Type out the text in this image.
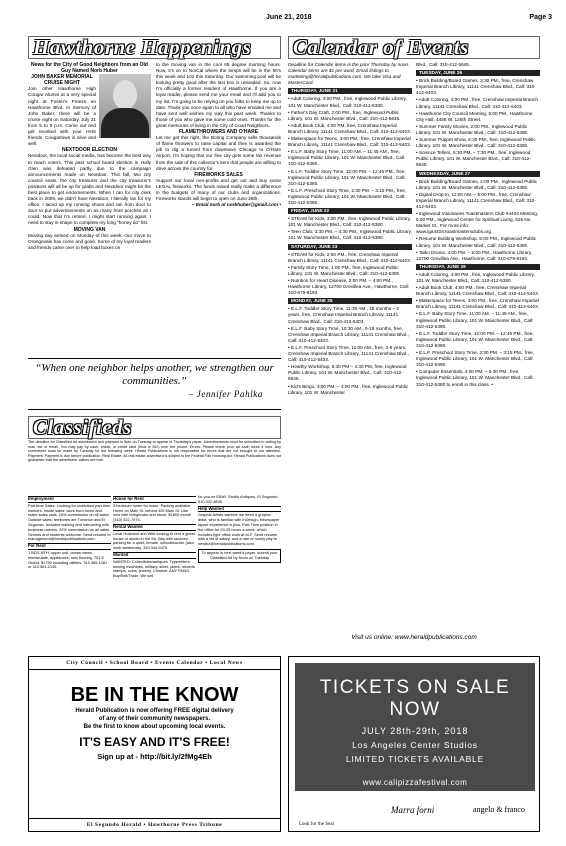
June 21, 2018	Page 3
Hawthorne Happenings	Calendar of Events
News for the City of Good Neighbors from an Old Guy Named Norb Huber
JOHN BAKER MEMORIAL CRUISE NIGHT
Join other Hawthorne High Cougar Alumni at a very special night at Foster's Freeze on Hawthorne Blvd. In memory of John Baker, there will be a cruise night on Saturday, July 21 from 5 to 9 p.m. Come out and get reunited with your HHS friends. Cougartown is alive and well.
NEXTDOOR ELECTION
Nextdoor, the local social media, has become the best way to reach voters. This past school board election in Holly Glen was defeated partly due to the campaign announcements made on Nextdoor. This fall, two city council seats, the city treasurer and the city treasurer's positions will all be up for grabs and Nextdoor might be the best place to get endorsements. When I ran for city clerk back in 2009, we didn't have Nextdoor, I literally ran for my office. I laced up my running shoes and ran from door to door to put advertisements on as many front porches as I could. Now that I'm retired, I might start running again. I need to stay in shape to complete my long "honey do" list.
MOVING VAN
Moving day arrived on Monday of this week. Our move to Orangevale has come and gone. Some of my loyal readers and friends came over to help load boxes on
to the moving van in the cool 68 degree morning hours. Now, it's on to NorCal where the temps will be in the 90's this week and 102 this Saturday. Our swimming pool will be looking pretty good after the last box is unloaded. So, now I'm officially a former resident of Hawthorne. If you are a loyal reader, please send me your email and I'll add you to my list. I'm going to be relying on you folks to keep me up to date. Thank you once again to all who have emailed me and have sent well wishes my way this past week. Thanks to those of you who gave me some cold ones. Thanks for the great memories of living in the City of Good Neighbors.
FLAMETHROWERS AND O'HARE
Let me get this right, the Boring Company sells thousands of flame throwers to raise capital and then is awarded the job to dig a tunnel from downtown Chicago to O'Hare Airport. I'm hoping that our fine city gets some tax revenue from the sale of this collector's item that people are willing to drive across the country for.
FIREWORKS SALES
Support our local non-profits and get out and buy some LEGAL fireworks. The funds raised really make a difference in the budgets of many of our clubs and organizations. Fireworks stands will begin to open on June 28th.
– Email norb at norbhuber@gmail.com •
“When one neighbor helps another, we strengthen our communities.”
– Jennifer Pahlka
Classifieds
The deadline for Classified Ad submission and payment is 5pm on Tuesday to appear in Thursday's paper. Advertisements must be submitted in writing by mail, fax or email. You may pay by cash, check, or credit card (Visa or MC) over the phone. Errors: Please check your ad each week it runs. Any corrections must be made by Tuesday for the following week. Herald Publications is not responsible for errors that are not brought to our attention. Payment: Payment is due before publication. Real Estate: All real estate advertised is subject to the Federal Fair Housing Act. Herald Publications does not guarantee that the advertisers' claims are true.
Employment
Part-time Sales. Looking for motivated part-time workers. Inside sales: work from home and make sales calls. 15% commission on all sales. Outside sales: territories are Torrance and El Segundo. Includes walking and interacting with business owners. 20% commission on all sales. Seniors and students welcome. Send resume to management@heraldpublications.com.
For Rent
1 BD/1 BTH, upper unit, ocean views, immaculate, appliances, new flooring. 701 E. Grand. $1750 including utilities. 310.365.1481 or 310.561.2149.
House for Rent
3 bedroom home for lease. Parking available. Home on Main St. behind 425 Main St. Like new with refrigerator and stove. $1800 month (310) 322-7075.
Rental Wanted
Local Husband and Wife looking to rent a guest house or studio in the So. Bay with secured parking for a quiet, female, schoolteacher (also work weekends). 310.944.5475.
Wanted
WANTED: Collectibles/antiques. Typewriters, sewing machines, military, silver, jades, records, stamps, coins, jewelry, Chinese. ANYTHING. Buy/Sell/Trade. We sell
for you on EBAY. Studio Antiques, El Segundo. 310.322.3895.
Help Wanted
Graphic Artists wanted: we need a graphic artist, who is familiar with InDesign. Newspaper layout experience a plus. Part-Time position in the office for 20-25 hours a week, which includes light office work at M-F. Send resume with a list of salary, and a rate of hourly pay to newbiz@heraldpublications.com.
To appear in next week's paper, submit your Classified Ad by Noon on Tuesday

Deadline for Calendar items is the prior Thursday by noon. Calendar items are $1 per word. Email listings to marketing@heraldpublications.com. We take Visa and MasterCard.

THURSDAY, JUNE 21

• Adult Coloring, 4:00 PM., free, Inglewood Public Library, 101 W. Manchester Blvd., Call: 310-412-5380.

• Father's Day Craft, 2:00 PM., free, Inglewood Public Library, 101 W. Manchester Blvd., Call: 310-412-5645.

• Adult Book Club, 4:00 PM, free, Crenshaw Imperial Branch Library, 11141 Crenshaw Blvd., Call: 310-412-5403.

• Makerspace for Teens, 3:00 PM., free, Crenshaw Imperial Branch Library, 11141 Crenshaw Blvd., Call: 310-412-5403.

• E.L.F. Baby Story Time, 11:00 AM. – 11:45 AM., free, Inglewood Public Library, 101 W. Manchester Blvd., Call: 310-412-5380.

• E.L.F. Toddler Story Time, 12:00 PM. – 12:45 PM., free, Inglewood Public Library, 101 W. Manchester Blvd., Call: 310-412-5380.

• E.L.F. Preschool Story Time, 2:30 PM. – 3:15 PM., free, Inglewood Public Library, 101 W. Manchester Blvd., Call: 310-412-5380.

FRIDAY, JUNE 22

• STEAM for Kids, 3:00 PM., free, Inglewood Public Library, 101 W. Manchester Blvd., Call: 310-412-5380.

• Teen Club, 3:30 PM. – 4:30 PM., Inglewood Public Library, 101 W. Manchester Blvd., Call: 310-412-5380.

SATURDAY, JUNE 23

• STEAM for Kids, 2:00 PM., free, Crenshaw Imperial Branch Library, 11141 Crenshaw Blvd., Call: 310-412-5403.

• Family Story Time, 1:00 PM., free, Inglewood Public Library, 101 W. Manchester Blvd., Call: 310-412-5380.

• Nutrition for Heart Disease, 2:00 PM. – 4:00 PM., Hawthorne Library, 12700 Grevillea Ave., Hawthorne, Call: 310-679-8193.

MONDAY, JUNE 25

• E.L.F. Toddler Story Time, 11:30 AM., 18 months – 3 years, free, Crenshaw Imperial Branch Library, 11141 Crenshaw Blvd., Call: 310-412-5403.

• E.L.F. Baby Story Time, 10:30 AM., 0-18 months, free, Crenshaw Imperial Branch Library, 11141 Crenshaw Blvd., Call: 310-412-5403.

• E.L.F. Preschool Story Time, 11:00 AM., free, 3-5 years, Crenshaw Imperial Branch Library, 11141 Crenshaw Blvd., Call: 310-412-5403.

• Healthy Workshop, 5:30 PM – 4:30 PM, free, Inglewood Public Library, 101 W. Manchester Blvd., Call: 310-412-5645.

• Kid's Bingo, 3:00 PM. – 4:00 PM., free, Inglewood Public Library, 101 W. Manchester

Blvd., Call: 310-412-5645.

TUESDAY, JUNE 26

• Brick Building/Board Games, 3:30 PM., free, Crenshaw Imperial Branch Library, 11141 Crenshaw Blvd., Call: 310-412-5403.

• Adult Coloring, 4:00 PM., free, Crenshaw Imperial Branch Library, 11141 Crenshaw Blvd., Call: 310-412-5403.

• Hawthorne City Council Meeting, 6:00 PM., Hawthorne City Hall, 4455 W. 126th Street.

• Summer Family Movies, 2:00 PM., Inglewood Public Library, 101 W. Manchester Blvd., Call: 310-412-5380.

• Summer Puppet Show, 6:30 PM., free, Inglewood Public Library, 101 W. Manchester Blvd., Call: 310-412-5380.

• Science Tellers, 6:30 PM. – 7:30 PM., free, Inglewood Public Library, 101 W. Manchester Blvd., Call: 310-412-5645.

WEDNESDAY, JUNE 27

• Brick Building/Board Games, 2:00 PM., Inglewood Public Library, 101 W. Manchester Blvd., Call: 310-412-5380.

• Digital Drop-In, 11:00 AM. – 5:00 PM., free, Crenshaw Imperial Branch Library, 11141 Crenshaw Blvd., Call: 310-412-5403.

• Inglewood Visionaries Toastmasters Club #4404 Meeting, 6:00 PM., Inglewood Center for Spiritual Living, 525 No. Market St., For more info: www.iga4404.toastmastersclubs.org.

• Resume Building Workshop, 5:00 PM., Inglewood Public Library, 101 W. Manchester Blvd., Call: 310-412-5380.

• Taiko Drums, 4:00 PM. – 5:00 PM., Hawthorne Library, 12700 Grevillea Ave., Hawthorne, Call: 310-679-8193.

THURSDAY, JUNE 28

• Adult Coloring, 4:00 PM., free, Inglewood Public Library, 101 W. Manchester Blvd., Call: 310-412-5380.

• Adult Book Club, 4:00 PM., free, Crenshaw Imperial Branch Library, 11141 Crenshaw Blvd., Call: 310-412-5403.

• Makerspace for Teens, 3:00 PM., free, Crenshaw Imperial Branch Library, 11141 Crenshaw Blvd., Call: 310-412-5403.

• E.L.F. Baby Story Time, 11:00 AM. – 11:45 AM., free, Inglewood Public Library, 101 W. Manchester Blvd., Call: 310-412-5380.

• E.L.F. Toddler Story Time, 12:00 PM. – 12:45 PM., free, Inglewood Public Library, 101 W. Manchester Blvd., Call: 310-412-5380.

• E.L.F. Preschool Story Time, 2:30 PM. – 3:15 PM., free, Inglewood Public Library, 101 W. Manchester Blvd., Call: 310-412-5380.

• Computer Essentials, 4:00 PM. – 5:30 PM., free, Inglewood Public Library, 101 W. Manchester Blvd., Call: 310-412-5380 to enroll in this class. •

Visit us online: www.heraldpublications.com
City Council • School Board • Events Calendar • Local News
BE IN THE KNOW
Herald Publication is now offering FREE digital delivery
of any of their community newspapers.
Be the first to know about upcoming local events.
IT'S EASY AND IT'S FREE!
Sign up at - http://bit.ly/2fMg4Eh
El Segundo Herald • Hawthorne Press Tribune
TICKETS ON SALE NOW
JULY 28th-29th, 2018
Los Angeles Center Studios
LIMITED TICKETS AVAILABLE
www.calipizzafestival.com
Look for the Seal
Marra forni	angelo & franco
